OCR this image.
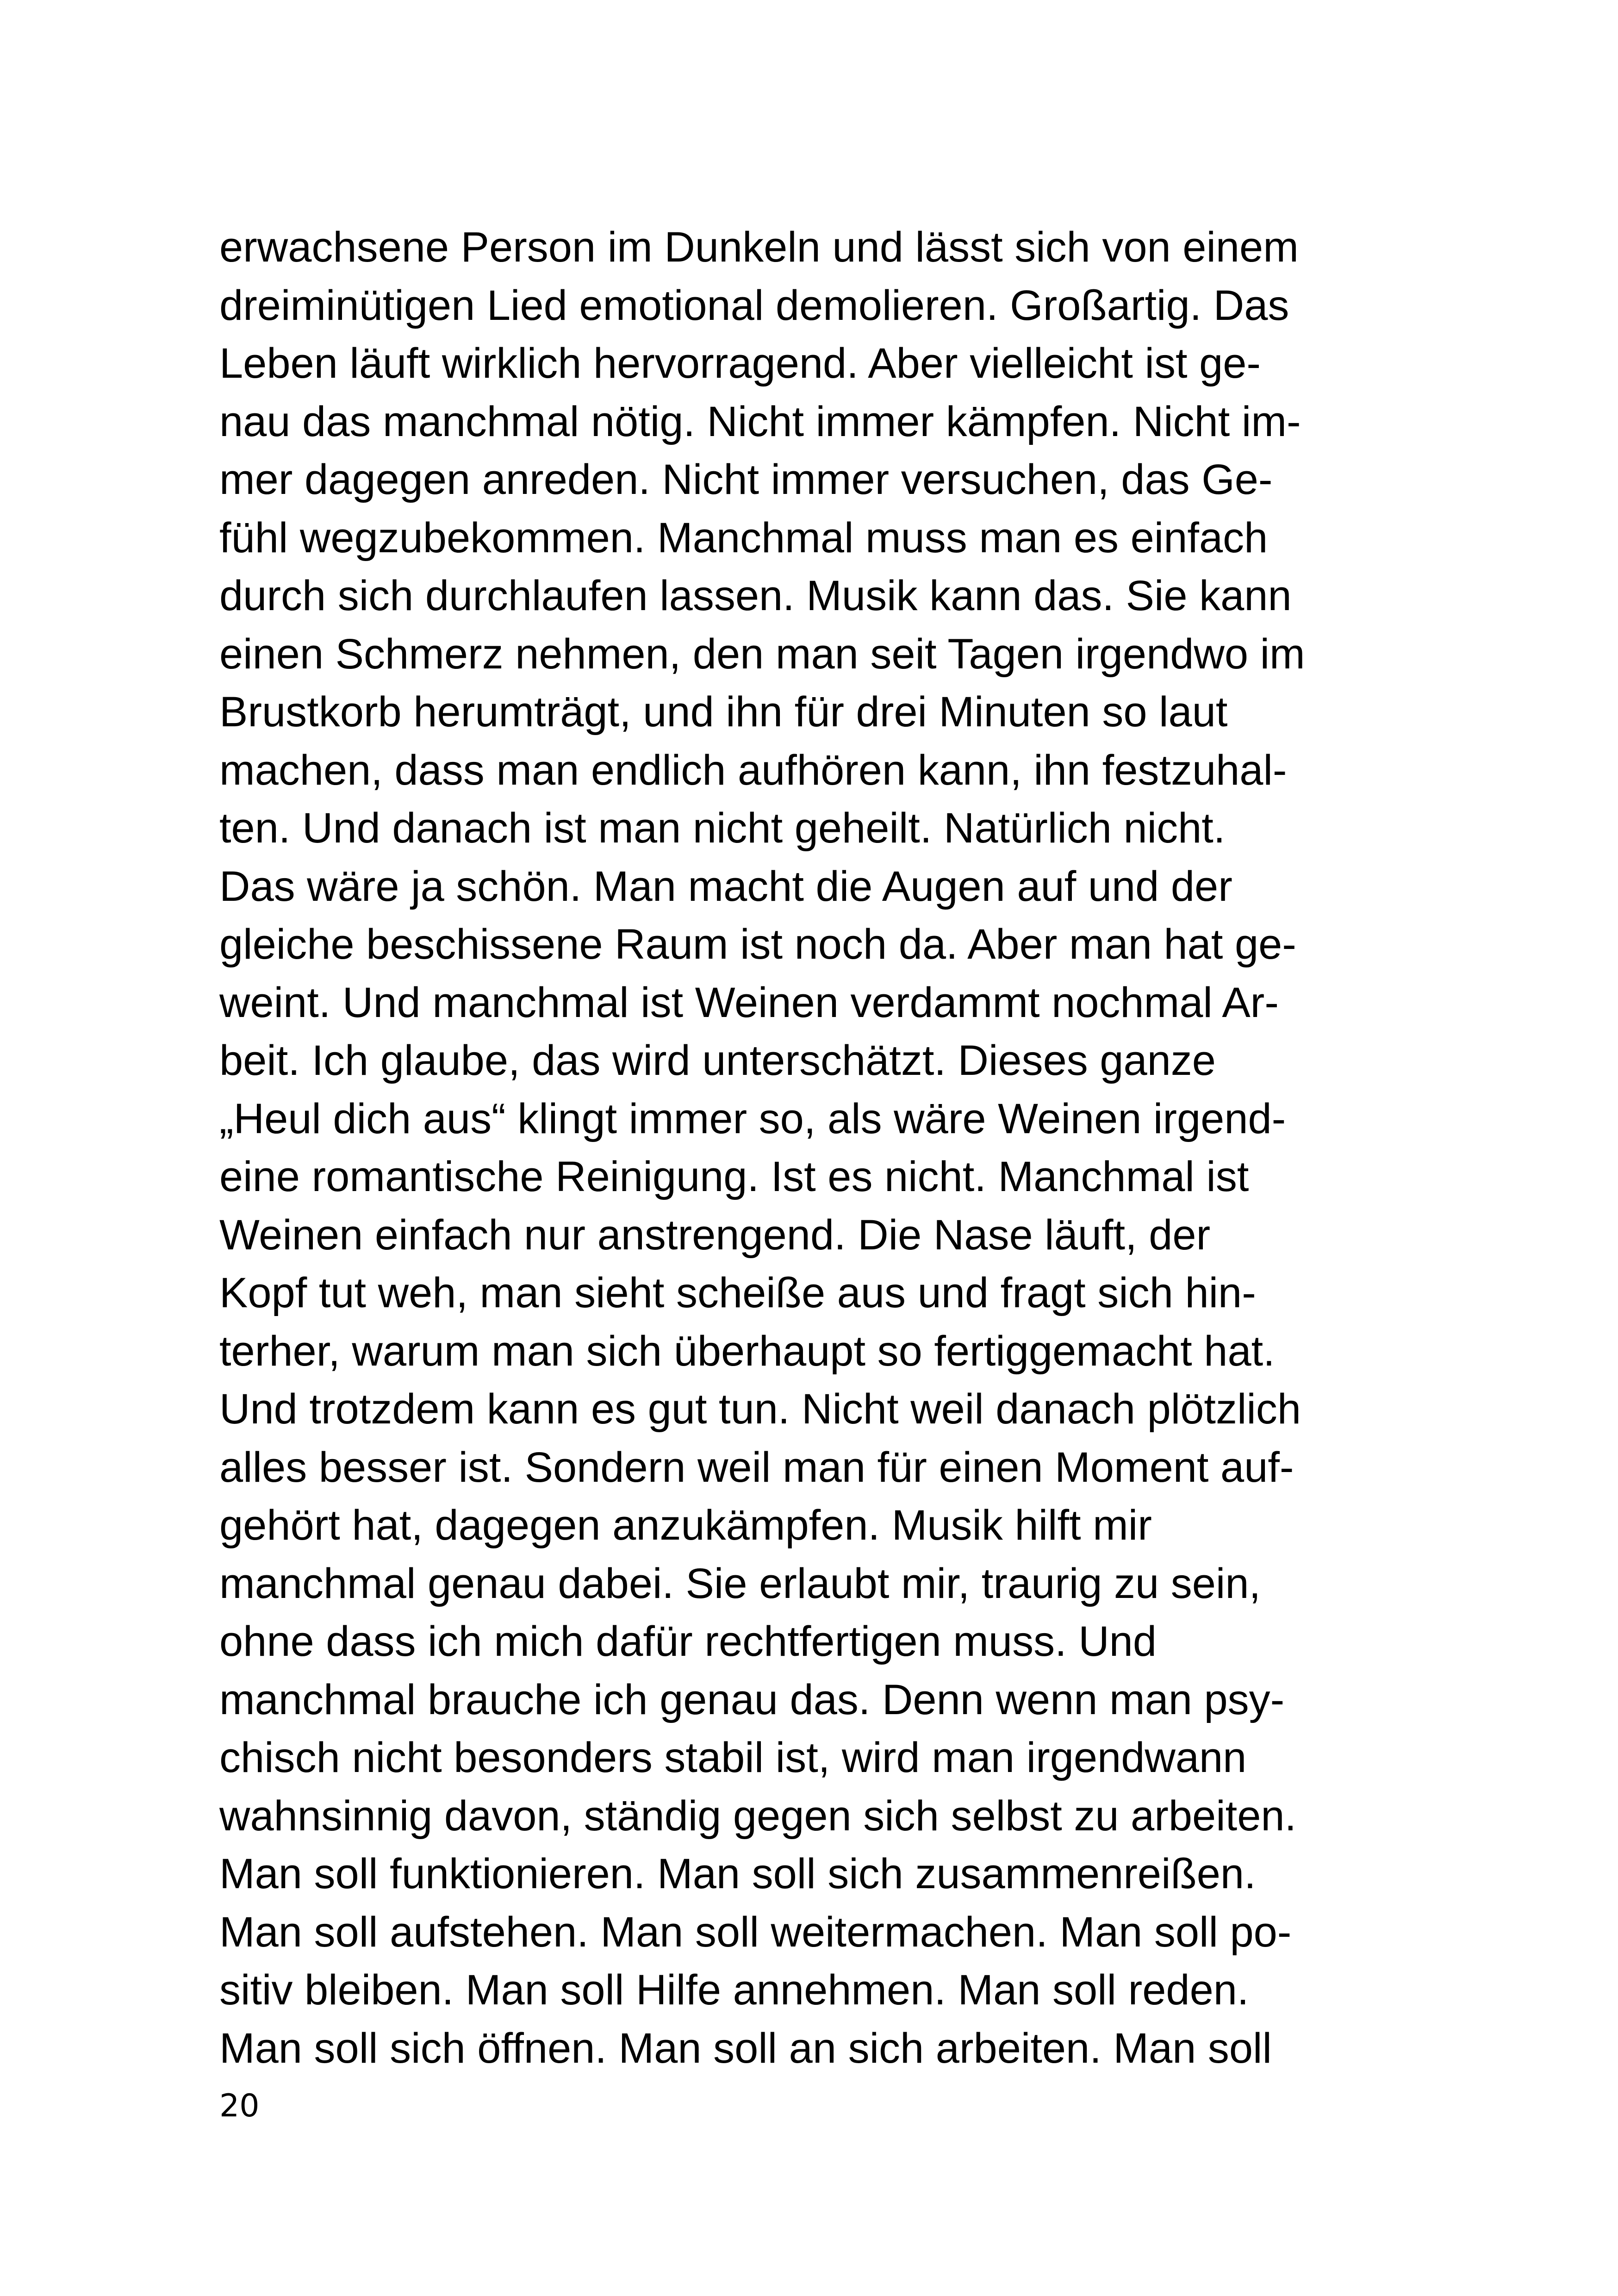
erwachsene Person im Dunkeln und lässt sich von einem
dreiminütigen Lied emotional demolieren. Großartig. Das
Leben läuft wirklich hervorragend. Aber vielleicht ist ge-
nau das manchmal nötig. Nicht immer kämpfen. Nicht im-
mer dagegen anreden. Nicht immer versuchen, das Ge-
fühl wegzubekommen. Manchmal muss man es einfach
durch sich durchlaufen lassen. Musik kann das. Sie kann
einen Schmerz nehmen, den man seit Tagen irgendwo im
Brustkorb herumträgt, und ihn für drei Minuten so laut
machen, dass man endlich aufhören kann, ihn festzuhal-
ten. Und danach ist man nicht geheilt. Natürlich nicht.
Das wäre ja schön. Man macht die Augen auf und der
gleiche beschissene Raum ist noch da. Aber man hat ge-
weint. Und manchmal ist Weinen verdammt nochmal Ar-
beit. Ich glaube, das wird unterschätzt. Dieses ganze
„Heul dich aus“ klingt immer so, als wäre Weinen irgend-
eine romantische Reinigung. Ist es nicht. Manchmal ist
Weinen einfach nur anstrengend. Die Nase läuft, der
Kopf tut weh, man sieht scheiße aus und fragt sich hin-
terher, warum man sich überhaupt so fertiggemacht hat.
Und trotzdem kann es gut tun. Nicht weil danach plötzlich
alles besser ist. Sondern weil man für einen Moment auf-
gehört hat, dagegen anzukämpfen. Musik hilft mir
manchmal genau dabei. Sie erlaubt mir, traurig zu sein,
ohne dass ich mich dafür rechtfertigen muss. Und
manchmal brauche ich genau das. Denn wenn man psy-
chisch nicht besonders stabil ist, wird man irgendwann
wahnsinnig davon, ständig gegen sich selbst zu arbeiten.
Man soll funktionieren. Man soll sich zusammenreißen.
Man soll aufstehen. Man soll weitermachen. Man soll po-
sitiv bleiben. Man soll Hilfe annehmen. Man soll reden.
Man soll sich öffnen. Man soll an sich arbeiten. Man soll
20
